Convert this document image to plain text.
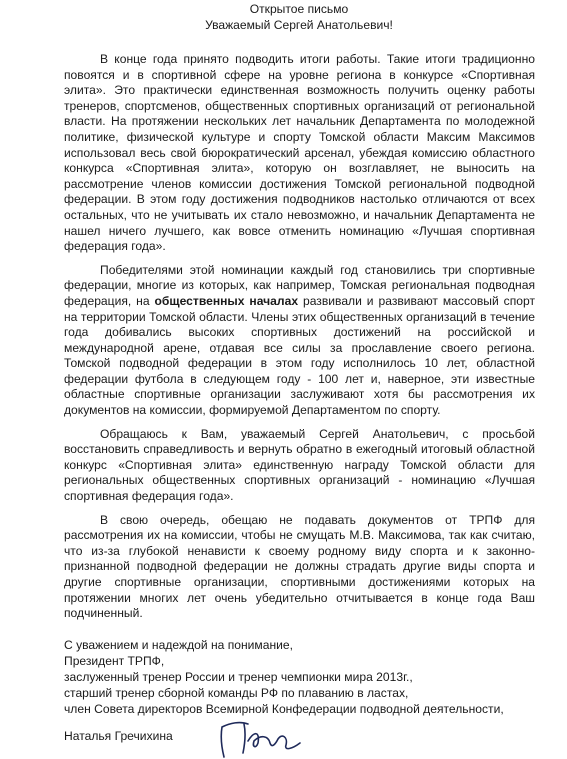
Открытое письмо
Уважаемый Сергей Анатольевич!

В конце года принято подводить итоги работы. Такие итоги традиционно повоятся и в спортивной сфере на уровне региона в конкурсе «Спортивная элита». Это практически единственная возможность получить оценку работы тренеров, спортсменов, общественных спортивных организаций от региональной власти. На протяжении нескольких лет начальник Департамента по молодежной политике, физической культуре и спорту Томской области Максим Максимов использовал весь свой бюрократический арсенал, убеждая комиссию областного конкурса «Спортивная элита», которую он возглавляет, не выносить на рассмотрение членов комиссии достижения Томской региональной подводной федерации. В этом году достижения подводников настолько отличаются от всех остальных, что не учитывать их стало невозможно, и начальник Департамента не нашел ничего лучшего, как вовсе отменить номинацию «Лучшая спортивная федерация года».

Победителями этой номинации каждый год становились три спортивные федерации, многие из которых, как например, Томская региональная подводная федерация, на общественных началах развивали и развивают массовый спорт на территории Томской области. Члены этих общественных организаций в течение года добивались высоких спортивных достижений на российской и международной арене, отдавая все силы за прославление своего региона. Томской подводной федерации в этом году исполнилось 10 лет, областной федерации футбола в следующем году - 100 лет и, наверное, эти известные областные спортивные организации заслуживают хотя бы рассмотрения их документов на комиссии, формируемой Департаментом по спорту.

Обращаюсь к Вам, уважаемый Сергей Анатольевич, с просьбой восстановить справедливость и вернуть обратно в ежегодный итоговый областной конкурс «Спортивная элита» единственную награду Томской области для региональных общественных спортивных организаций - номинацию «Лучшая спортивная федерация года».

В свою очередь, обещаю не подавать документов от ТРПФ для рассмотрения их на комиссии, чтобы не смущать М.В. Максимова, так как считаю, что из-за глубокой ненависти к своему родному виду спорта и к законно-признанной подводной федерации не должны страдать другие виды спорта и другие спортивные организации, спортивными достижениями которых на протяжении многих лет очень убедительно отчитывается в конце года Ваш подчиненный.

С уважением и надеждой на понимание,
Президент ТРПФ,
заслуженный тренер России и тренер чемпионки мира 2013г.,
старший тренер сборной команды РФ по плаванию в ластах,
член Совета директоров Всемирной Конфедерации подводной деятельности,
Наталья Гречихина
